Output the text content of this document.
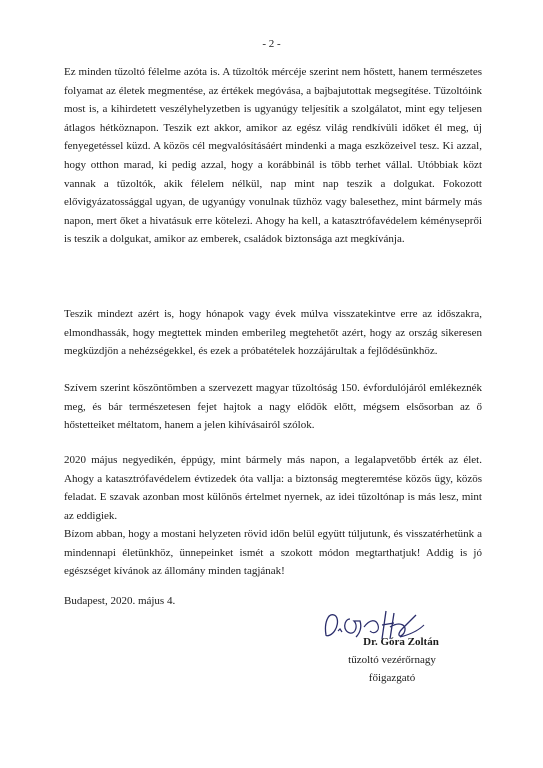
- 2 -

Ez minden tűzoltó félelme azóta is. A tűzoltók mércéje szerint nem hőstett, hanem természetes folyamat az életek megmentése, az értékek megóvása, a bajbajutottak megsegítése. Tűzoltóink most is, a kihirdetett veszélyhelyzetben is ugyanúgy teljesítik a szolgálatot, mint egy teljesen átlagos hétköznapon. Teszik ezt akkor, amikor az egész világ rendkívüli időket él meg, új fenyegetéssel küzd. A közös cél megvalósításáért mindenki a maga eszközeivel tesz. Ki azzal, hogy otthon marad, ki pedig azzal, hogy a korábbinál is több terhet vállal. Utóbbiak közt vannak a tűzoltók, akik félelem nélkül, nap mint nap teszik a dolgukat. Fokozott elővigyázatossággal ugyan, de ugyanúgy vonulnak tűzhöz vagy balesethez, mint bármely más napon, mert őket a hivatásuk erre kötelezi. Ahogy ha kell, a katasztrófavédelem kéményseprői is teszik a dolgukat, amikor az emberek, családok biztonsága azt megkívánja.

Teszik mindezt azért is, hogy hónapok vagy évek múlva visszatekintve erre az időszakra, elmondhassák, hogy megtettek minden emberileg megtehetőt azért, hogy az ország sikeresen megküzdjön a nehézségekkel, és ezek a próbatételek hozzájárultak a fejlődésünkhöz.

Szívem szerint köszöntömben a szervezett magyar tűzoltóság 150. évfordulójáról emlékeznék meg, és bár természetesen fejet hajtok a nagy elődök előtt, mégsem elsősorban az ő hőstetteiket méltatom, hanem a jelen kihívásairól szólok.

2020 május negyedikén, éppúgy, mint bármely más napon, a legalapvetőbb érték az élet. Ahogy a katasztrófavédelem évtizedek óta vallja: a biztonság megteremtése közös ügy, közös feladat. E szavak azonban most különös értelmet nyernek, az idei tűzoltónap is más lesz, mint az eddigiek.

Bízom abban, hogy a mostani helyzeten rövid időn belül együtt túljutunk, és visszatérhetünk a mindennapi életünkhöz, ünnepeinket ismét a szokott módon megtarthatjuk! Addig is jó egészséget kívánok az állomány minden tagjának!

Budapest, 2020. május 4.
Dr. Góra Zoltán
tűzoltó vezérőrnagy
főigazgató
